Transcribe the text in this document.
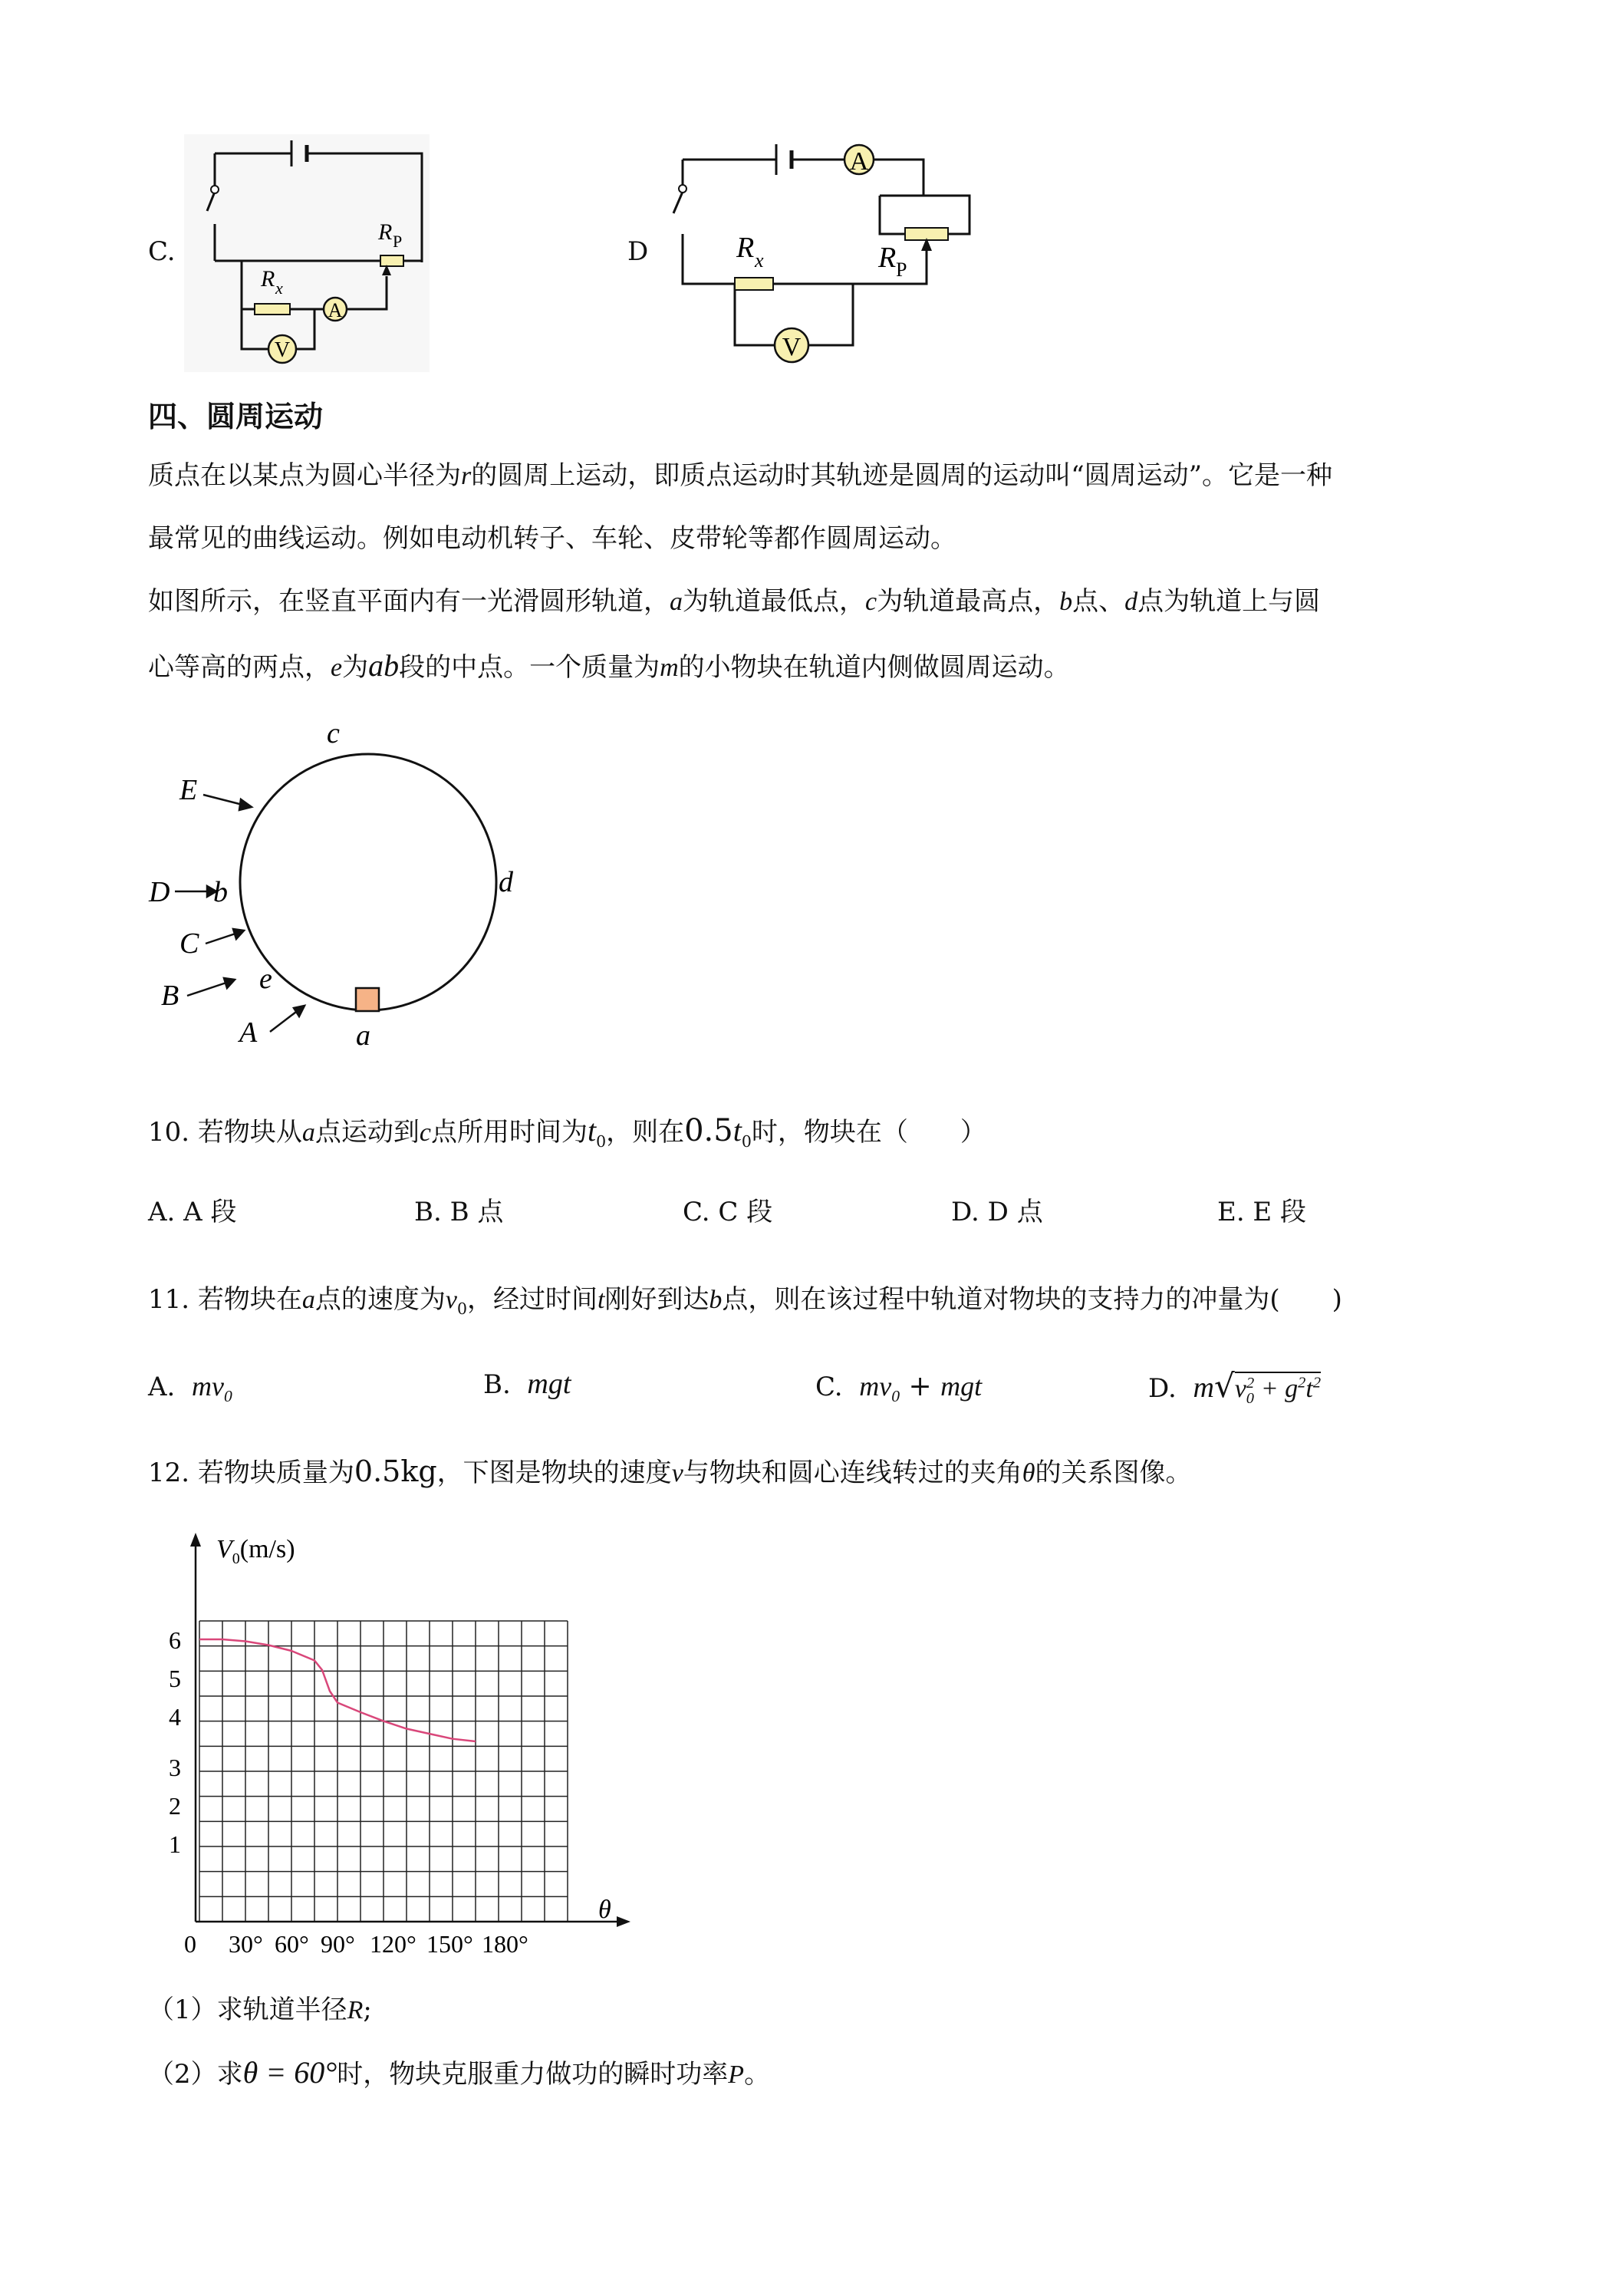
C.
A
V
R P
R x
D
A
V
R x	R P
四、圆周运动
质点在以某点为圆心半径为r的圆周上运动，即质点运动时其轨迹是圆周的运动叫“圆周运动”。它是一种
最常见的曲线运动。例如电动机转子、车轮、皮带轮等都作圆周运动。
如图所示，在竖直平面内有一光滑圆形轨道，a为轨道最低点，c为轨道最高点，b点、d点为轨道上与圆
心等高的两点，e为ab段的中点。一个质量为m的小物块在轨道内侧做圆周运动。
c
d
b
e
a
E
D
C
B
A
10. 若物块从a点运动到c点所用时间为$t_0$，则在$0.5t_0$时，物块在（　　）
A. A 段	B. B 点	C. C 段	D. D 点	E. E 段
11. 若物块在a点的速度为$v_0$，经过时间t刚好到达b点，则在该过程中轨道对物块的支持力的冲量为(　　)
A. $mv_0$	B. mgt	C. $mv_0$ + mgt	D. $m√v_0^2 + g^2t^2$
12. 若物块质量为0.5kg，下图是物块的速度v与物块和圆心连线转过的夹角θ的关系图像。
1
2
3
4
5
6
0 30° 60° 90° 120° 150° 180°
$V_0(m/s)$
θ
（1）求轨道半径R;
（2）求θ = 60°时，物块克服重力做功的瞬时功率P。
